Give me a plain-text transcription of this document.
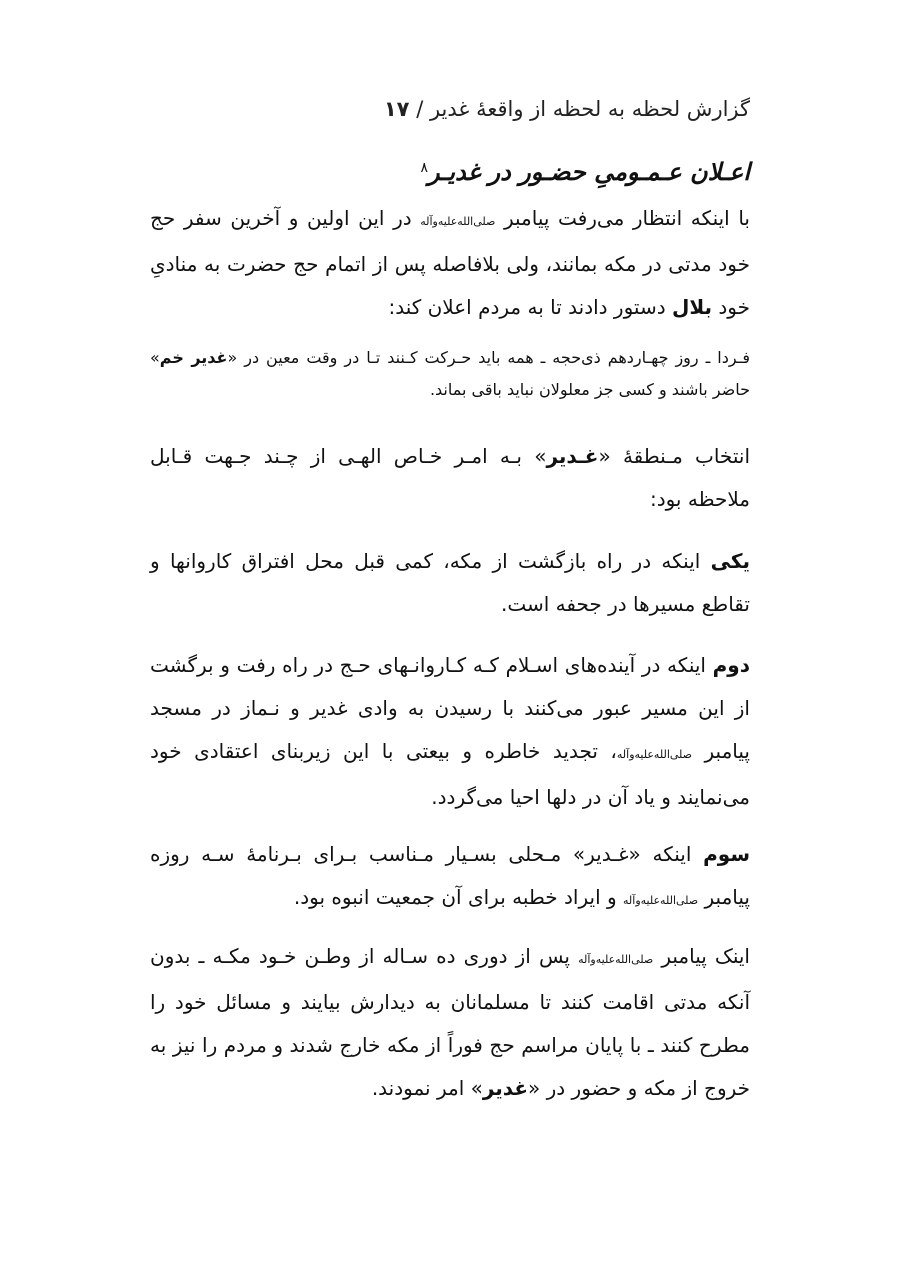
گزارش لحظه به لحظه از واقعهٔ غدیر / ۱۷
اعـلان عـمـومیِ حضـور در غدیـر$^۸$

با اینکه انتظار می‌رفت پیامبر صلی‌الله‌علیه‌وآله در این اولین و آخرین سفر حج خود مدتی در مکه بمانند، ولی بلافاصله پس از اتمام حج حضرت به منادیِ خود بلال دستور دادند تا به مردم اعلان کند:

فـردا ـ روز چهـاردهم ذی‌حجه ـ همه باید حـرکت کـنند تـا در وقت معین در «غدیر خم» حاضر باشند و کسی جز معلولان نباید باقی بماند.

انتخاب مـنطقهٔ «غـدیر» بـه امـر خـاص الهـی از چـند جـهت قـابل ملاحظه بود:

یکی اینکه در راه بازگشت از مکه، کمی قبل محل افتراق کاروانها و تقاطع مسیرها در جحفه است.

دوم اینکه در آینده‌های اسـلام کـه کـاروانـهای حـج در راه رفت و برگشت از این مسیر عبور می‌کنند با رسیدن به وادی غدیر و نـماز در مسجد پیامبر صلی‌الله‌علیه‌وآله، تجدید خاطره و بیعتی با این زیربنای اعتقادی خود می‌نمایند و یاد آن در دلها احیا می‌گردد.

سوم اینکه «غـدیر» مـحلی بسـیار مـناسب بـرای بـرنامهٔ سـه روزه پیامبر صلی‌الله‌علیه‌وآله و ایراد خطبه برای آن جمعیت انبوه بود.

اینک پیامبر صلی‌الله‌علیه‌وآله پس از دوری ده سـاله از وطـن خـود مکـه ـ بدون آنکه مدتی اقامت کنند تا مسلمانان به دیدارش بیایند و مسائل خود را مطرح کنند ـ با پایان مراسم حج فوراً از مکه خارج شدند و مردم را نیز به خروج از مکه و حضور در «غدیر» امر نمودند.
